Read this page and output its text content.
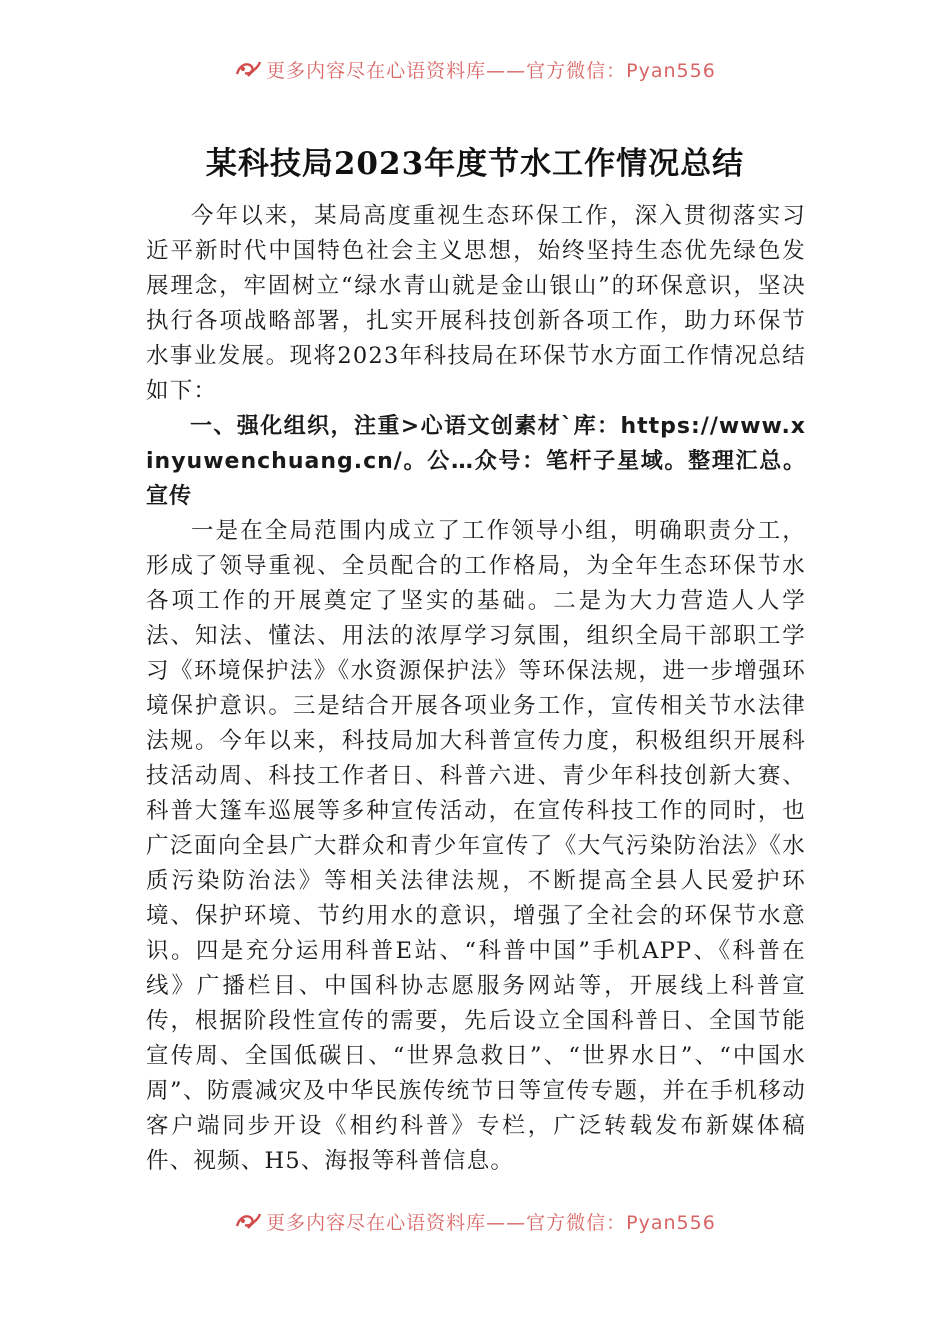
更多内容尽在心语资料库——官方微信：Pyan556
某科技局2023年度节水工作情况总结

今年以来，某局高度重视生态环保工作，深入贯彻落实习近平新时代中国特色社会主义思想，始终坚持生态优先绿色发展理念，牢固树立“绿水青山就是金山银山”的环保意识，坚决执行各项战略部署，扎实开展科技创新各项工作，助力环保节水事业发展。现将2023年科技局在环保节水方面工作情况总结如下：

一、强化组织，注重>心语文创素材`库：https://www.xinyuwenchuang.cn/。公…众号：笔杆子星域。整理汇总。宣传

一是在全局范围内成立了工作领导小组，明确职责分工，形成了领导重视、全员配合的工作格局，为全年生态环保节水各项工作的开展奠定了坚实的基础。二是为大力营造人人学法、知法、懂法、用法的浓厚学习氛围，组织全局干部职工学习《环境保护法》《水资源保护法》等环保法规，进一步增强环境保护意识。三是结合开展各项业务工作，宣传相关节水法律法规。今年以来，科技局加大科普宣传力度，积极组织开展科技活动周、科技工作者日、科普六进、青少年科技创新大赛、科普大篷车巡展等多种宣传活动，在宣传科技工作的同时，也广泛面向全县广大群众和青少年宣传了《大气污染防治法》《水质污染防治法》等相关法律法规，不断提高全县人民爱护环境、保护环境、节约用水的意识，增强了全社会的环保节水意识。四是充分运用科普E站、“科普中国”手机APP、《科普在线》广播栏目、中国科协志愿服务网站等，开展线上科普宣传，根据阶段性宣传的需要，先后设立全国科普日、全国节能宣传周、全国低碳日、“世界急救日”、“世界水日”、“中国水周”、防震减灾及中华民族传统节日等宣传专题，并在手机移动客户端同步开设《相约科普》专栏，广泛转载发布新媒体稿件、视频、H5、海报等科普信息。

更多内容尽在心语资料库——官方微信：Pyan556
